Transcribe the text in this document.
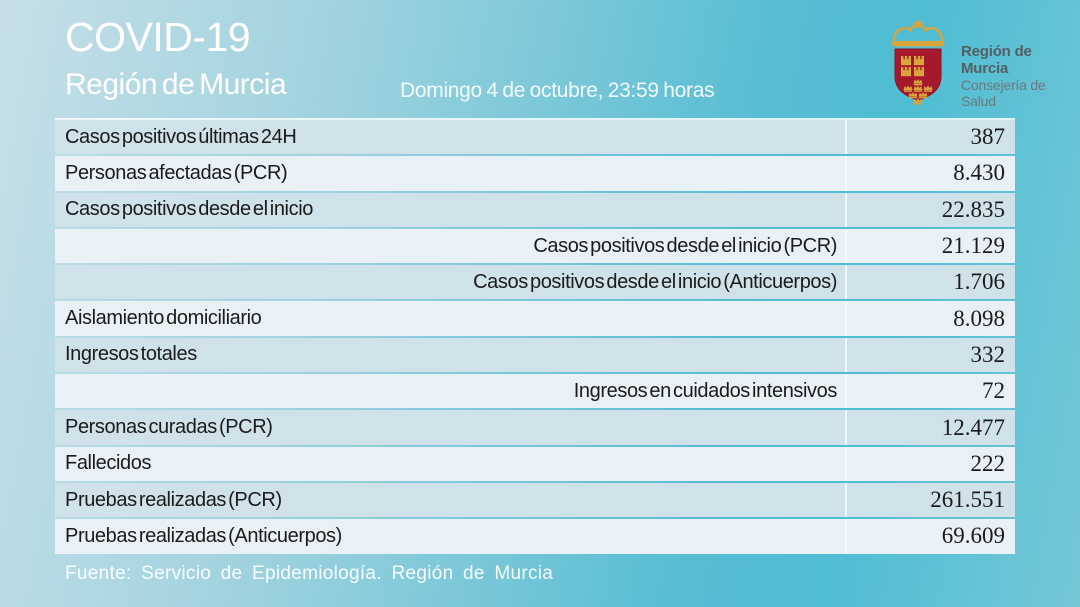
COVID-19
Región de Murcia	Domingo 4 de octubre, 23:59 horas
Región de Murcia
Consejería de Salud
Casos positivos últimas 24H	387
Personas afectadas (PCR)	8.430
Casos positivos desde el inicio	22.835
Casos positivos desde el inicio (PCR)	21.129
Casos positivos desde el inicio (Anticuerpos)	1.706
Aislamiento domiciliario	8.098
Ingresos totales	332
Ingresos en cuidados intensivos	72
Personas curadas (PCR)	12.477
Fallecidos	222
Pruebas realizadas (PCR)	261.551
Pruebas realizadas (Anticuerpos)	69.609
Fuente: Servicio de Epidemiología. Región de Murcia
